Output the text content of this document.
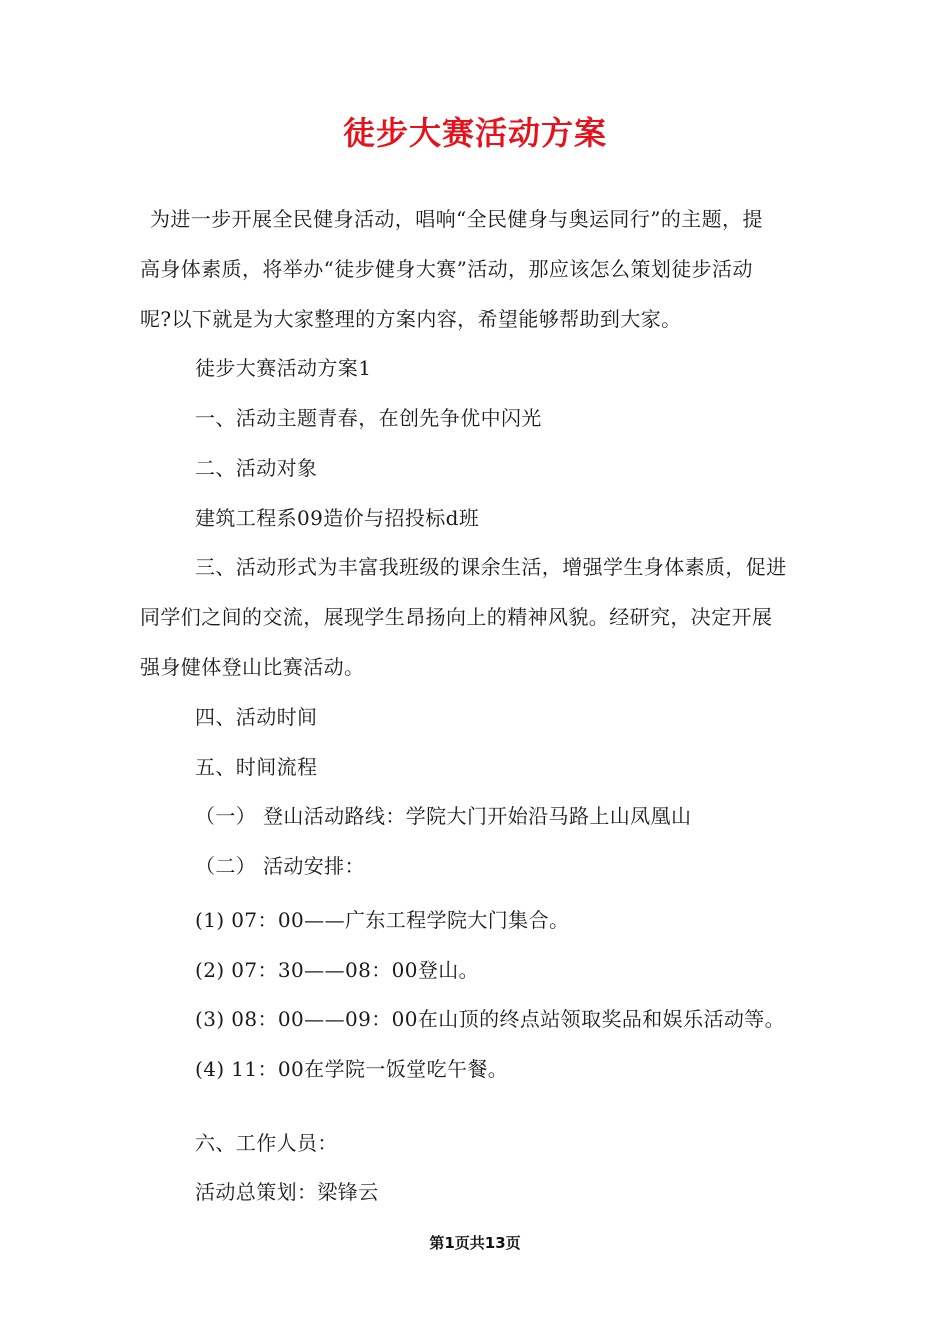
徒步大赛活动方案
为进一步开展全民健身活动，唱响“全民健身与奥运同行”的主题，提
高身体素质，将举办“徒步健身大赛”活动，那应该怎么策划徒步活动
呢?以下就是为大家整理的方案内容，希望能够帮助到大家。
徒步大赛活动方案1
一、活动主题青春，在创先争优中闪光
二、活动对象
建筑工程系09造价与招投标d班
三、活动形式为丰富我班级的课余生活，增强学生身体素质，促进
同学们之间的交流，展现学生昂扬向上的精神风貌。经研究，决定开展
强身健体登山比赛活动。
四、活动时间
五、时间流程
（一） 登山活动路线：学院大门开始沿马路上山凤凰山
（二） 活动安排：
(1) 07：00——广东工程学院大门集合。
(2) 07：30——08：00登山。
(3) 08：00——09：00在山顶的终点站领取奖品和娱乐活动等。
(4) 11：00在学院一饭堂吃午餐。
六、工作人员：
活动总策划：梁锋云
第1页共13页
